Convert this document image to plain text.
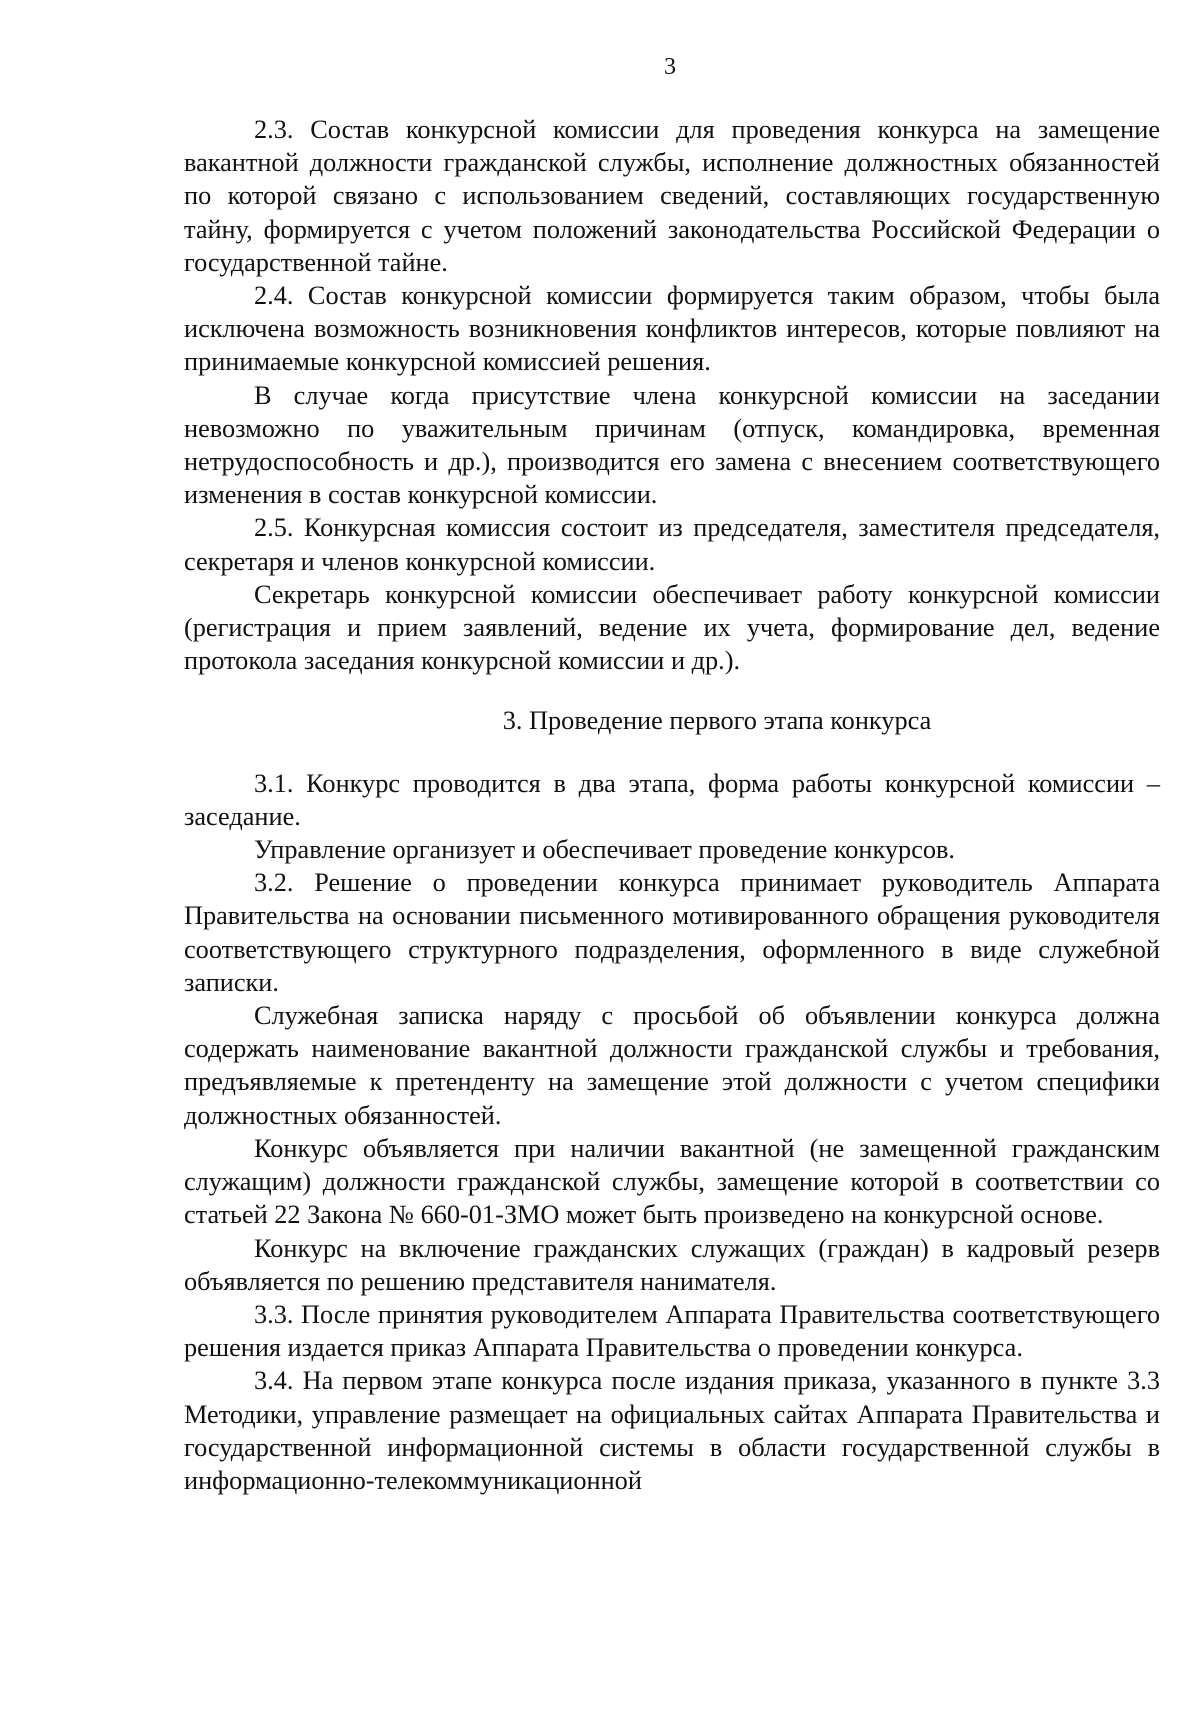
3

2.3. Состав конкурсной комиссии для проведения конкурса на замещение вакантной должности гражданской службы, исполнение должностных обязанностей по которой связано с использованием сведений, составляющих государственную тайну, формируется с учетом положений законодательства Российской Федерации о государственной тайне.

2.4. Состав конкурсной комиссии формируется таким образом, чтобы была исключена возможность возникновения конфликтов интересов, которые повлияют на принимаемые конкурсной комиссией решения.

В случае когда присутствие члена конкурсной комиссии на заседании невозможно по уважительным причинам (отпуск, командировка, временная нетрудоспособность и др.), производится его замена с внесением соответствующего изменения в состав конкурсной комиссии.

2.5. Конкурсная комиссия состоит из председателя, заместителя председателя, секретаря и членов конкурсной комиссии.

Секретарь конкурсной комиссии обеспечивает работу конкурсной комиссии (регистрация и прием заявлений, ведение их учета, формирование дел, ведение протокола заседания конкурсной комиссии и др.).

3. Проведение первого этапа конкурса

3.1. Конкурс проводится в два этапа, форма работы конкурсной комиссии – заседание.

Управление организует и обеспечивает проведение конкурсов.

3.2. Решение о проведении конкурса принимает руководитель Аппарата Правительства на основании письменного мотивированного обращения руководителя соответствующего структурного подразделения, оформленного в виде служебной записки.

Служебная записка наряду с просьбой об объявлении конкурса должна содержать наименование вакантной должности гражданской службы и требования, предъявляемые к претенденту на замещение этой должности с учетом специфики должностных обязанностей.

Конкурс объявляется при наличии вакантной (не замещенной гражданским служащим) должности гражданской службы, замещение которой в соответствии со статьей 22 Закона № 660-01-ЗМО может быть произведено на конкурсной основе.

Конкурс на включение гражданских служащих (граждан) в кадровый резерв объявляется по решению представителя нанимателя.

3.3. После принятия руководителем Аппарата Правительства соответствующего решения издается приказ Аппарата Правительства о проведении конкурса.

3.4. На первом этапе конкурса после издания приказа, указанного в пункте 3.3 Методики, управление размещает на официальных сайтах Аппарата Правительства и государственной информационной системы в области государственной службы в информационно-телекоммуникационной
